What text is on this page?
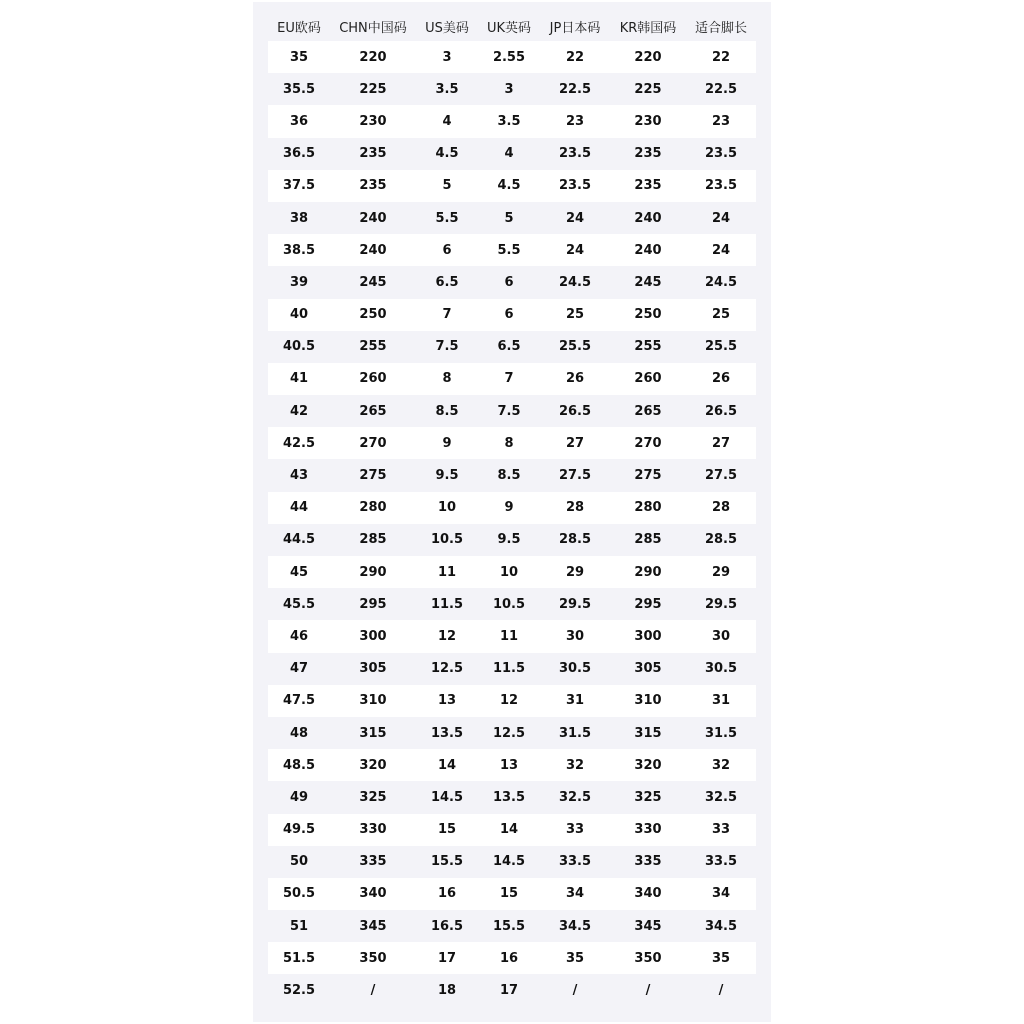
EU欧码	CHN中国码	US美码	UK英码	JP日本码	KR韩国码	适合脚长
35	220	3	2.55	22	220	22
35.5	225	3.5	3	22.5	225	22.5
36	230	4	3.5	23	230	23
36.5	235	4.5	4	23.5	235	23.5
37.5	235	5	4.5	23.5	235	23.5
38	240	5.5	5	24	240	24
38.5	240	6	5.5	24	240	24
39	245	6.5	6	24.5	245	24.5
40	250	7	6	25	250	25
40.5	255	7.5	6.5	25.5	255	25.5
41	260	8	7	26	260	26
42	265	8.5	7.5	26.5	265	26.5
42.5	270	9	8	27	270	27
43	275	9.5	8.5	27.5	275	27.5
44	280	10	9	28	280	28
44.5	285	10.5	9.5	28.5	285	28.5
45	290	11	10	29	290	29
45.5	295	11.5	10.5	29.5	295	29.5
46	300	12	11	30	300	30
47	305	12.5	11.5	30.5	305	30.5
47.5	310	13	12	31	310	31
48	315	13.5	12.5	31.5	315	31.5
48.5	320	14	13	32	320	32
49	325	14.5	13.5	32.5	325	32.5
49.5	330	15	14	33	330	33
50	335	15.5	14.5	33.5	335	33.5
50.5	340	16	15	34	340	34
51	345	16.5	15.5	34.5	345	34.5
51.5	350	17	16	35	350	35
52.5	/	18	17	/	/	/
